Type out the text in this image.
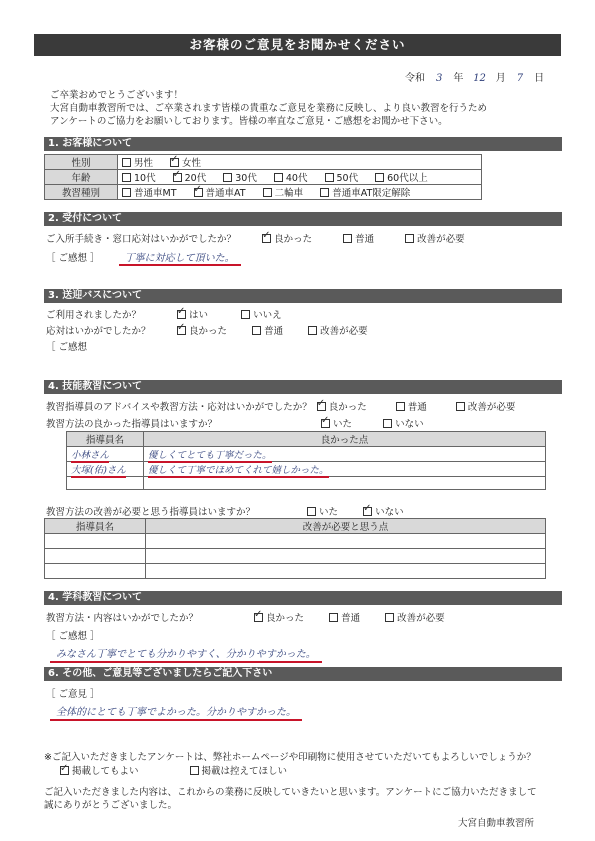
お客様のご意見をお聞かせください
令和 3 年 12 月 7 日
ご卒業おめでとうございます！
大宮自動車教習所では、ご卒業されます皆様の貴重なご意見を業務に反映し、より良い教習を行うため
アンケートのご協力をお願いしております。皆様の率直なご意見・ご感想をお聞かせ下さい。
1. お客様について
性別	男性 ✓ 女性
年齢	10代 ✓ 20代 30代 40代 50代 60代以上
教習種別	普通車MT ✓ 普通車AT 二輪車 普通車AT限定解除
2. 受付について
ご入所手続き・窓口応対はいかがでしたか？ ✓	良かった	普通	改善が必要
［ ご感想 ］	丁寧に対応して頂いた。
3. 送迎バスについて
ご利用されましたか？ ✓	はい	いいえ
応対はいかがでしたか？ ✓	良かった	普通	改善が必要
［ ご感想
4. 技能教習について
教習指導員のアドバイスや教習方法・応対はいかがでしたか？ ✓ 良かった	普通	改善が必要
教習方法の良かった指導員はいますか？ ✓	いた	いない
指導員名	良かった点
小林さん	優しくてとても丁寧だった。
大塚(佑)さん	優しくて丁寧でほめてくれて嬉しかった。

教習方法の改善が必要と思う指導員はいますか？	いた ✓	いない
指導員名	改善が必要と思う点

4. 学科教習について
教習方法・内容はいかがでしたか？ ✓	良かった	普通	改善が必要
［ ご感想 ］
みなさん丁寧でとても分かりやすく、分かりやすかった。
6. その他、ご意見等ございましたらご記入下さい
［ ご意見 ］
全体的にとても丁寧でよかった。分かりやすかった。
※ご記入いただきましたアンケートは、弊社ホームページや印刷物に使用させていただいてもよろしいでしょうか？
✓掲載してもよい	掲載は控えてほしい
ご記入いただきました内容は、これからの業務に反映していきたいと思います。アンケートにご協力いただきまして
誠にありがとうございました。
大宮自動車教習所
